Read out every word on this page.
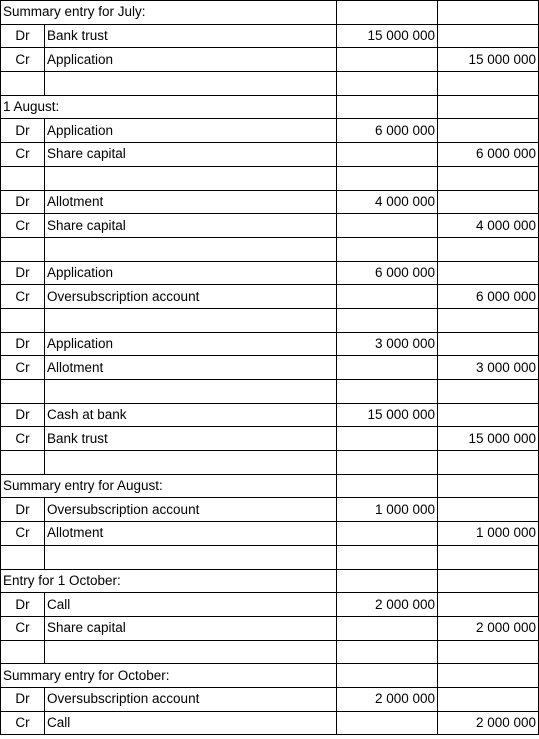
Summary entry for July:			
Dr	Bank trust	15 000 000	
Cr	Application		15 000 000

1 August:			
Dr	Application	6 000 000	
Cr	Share capital		6 000 000

Dr	Allotment	4 000 000	
Cr	Share capital		4 000 000

Dr	Application	6 000 000	
Cr	Oversubscription account		6 000 000

Dr	Application	3 000 000	
Cr	Allotment		3 000 000

Dr	Cash at bank	15 000 000	
Cr	Bank trust		15 000 000

Summary entry for August:			
Dr	Oversubscription account	1 000 000	
Cr	Allotment		1 000 000

Entry for 1 October:			
Dr	Call	2 000 000	
Cr	Share capital		2 000 000

Summary entry for October:			
Dr	Oversubscription account	2 000 000	
Cr	Call		2 000 000
